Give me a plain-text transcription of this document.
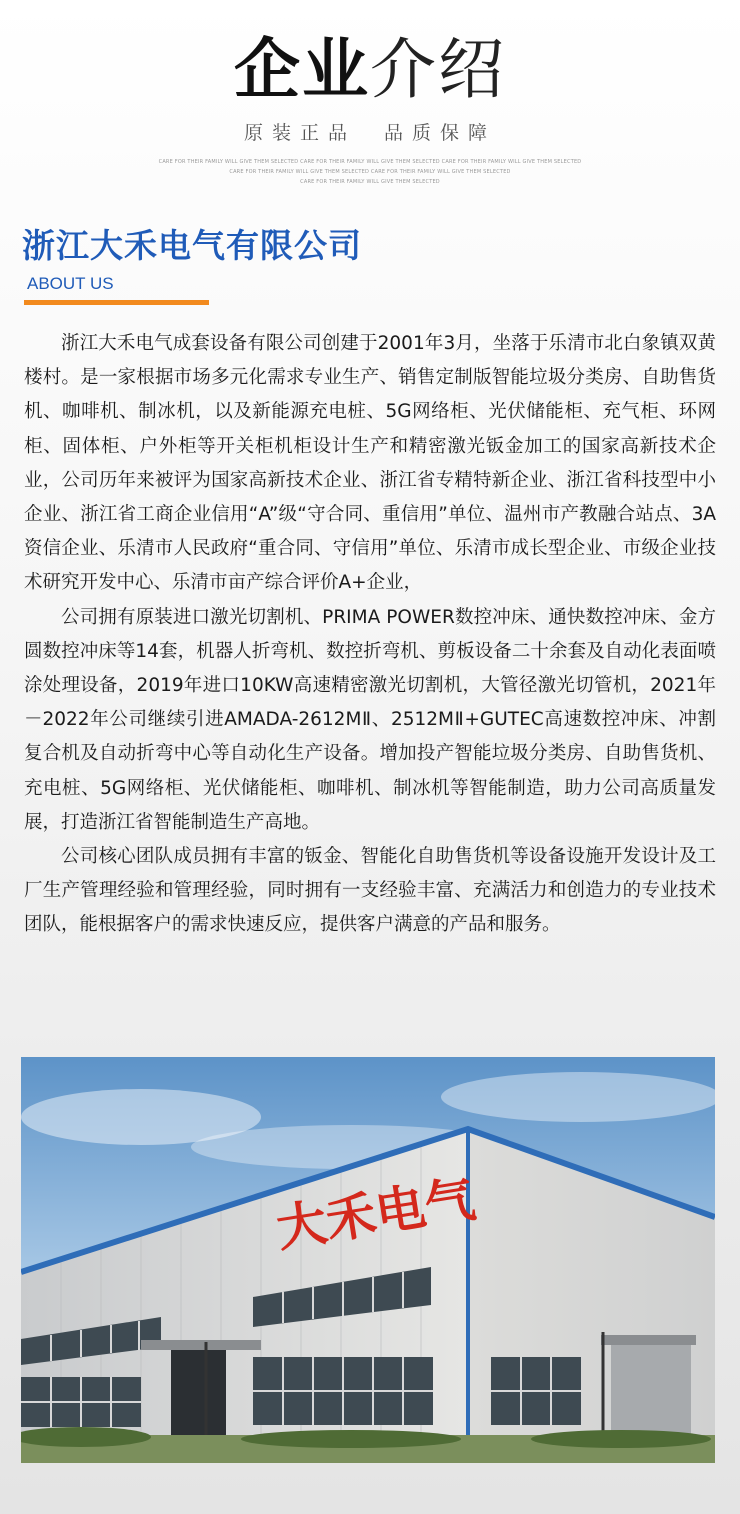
企业介绍
原装正品 品质保障
CARE FOR THEIR FAMILY WILL GIVE THEM SELECTED CARE FOR THEIR FAMILY WILL GIVE THEM SELECTED CARE FOR THEIR FAMILY WILL GIVE THEM SELECTED
CARE FOR THEIR FAMILY WILL GIVE THEM SELECTED CARE FOR THEIR FAMILY WILL GIVE THEM SELECTED
CARE FOR THEIR FAMILY WILL GIVE THEM SELECTED
浙江大禾电气有限公司
ABOUT US

浙江大禾电气成套设备有限公司创建于2001年3月，坐落于乐清市北白象镇双黄楼村。是一家根据市场多元化需求专业生产、销售定制版智能垃圾分类房、自助售货机、咖啡机、制冰机，以及新能源充电桩、5G网络柜、光伏储能柜、充气柜、环网柜、固体柜、户外柜等开关柜机柜设计生产和精密激光钣金加工的国家高新技术企业，公司历年来被评为国家高新技术企业、浙江省专精特新企业、浙江省科技型中小企业、浙江省工商企业信用“A”级“守合同、重信用”单位、温州市产教融合站点、3A资信企业、乐清市人民政府“重合同、守信用”单位、乐清市成长型企业、市级企业技术研究开发中心、乐清市亩产综合评价A+企业，

公司拥有原装进口激光切割机、PRIMA POWER数控冲床、通快数控冲床、金方圆数控冲床等14套，机器人折弯机、数控折弯机、剪板设备二十余套及自动化表面喷涂处理设备，2019年进口10KW高速精密激光切割机，大管径激光切管机，2021年－2022年公司继续引进AMADA-2612MⅡ、2512MⅡ+GUTEC高速数控冲床、冲割复合机及自动折弯中心等自动化生产设备。增加投产智能垃圾分类房、自助售货机、充电桩、5G网络柜、光伏储能柜、咖啡机、制冰机等智能制造，助力公司高质量发展，打造浙江省智能制造生产高地。

公司核心团队成员拥有丰富的钣金、智能化自助售货机等设备设施开发设计及工厂生产管理经验和管理经验，同时拥有一支经验丰富、充满活力和创造力的专业技术团队，能根据客户的需求快速反应，提供客户满意的产品和服务。

大禾电气
